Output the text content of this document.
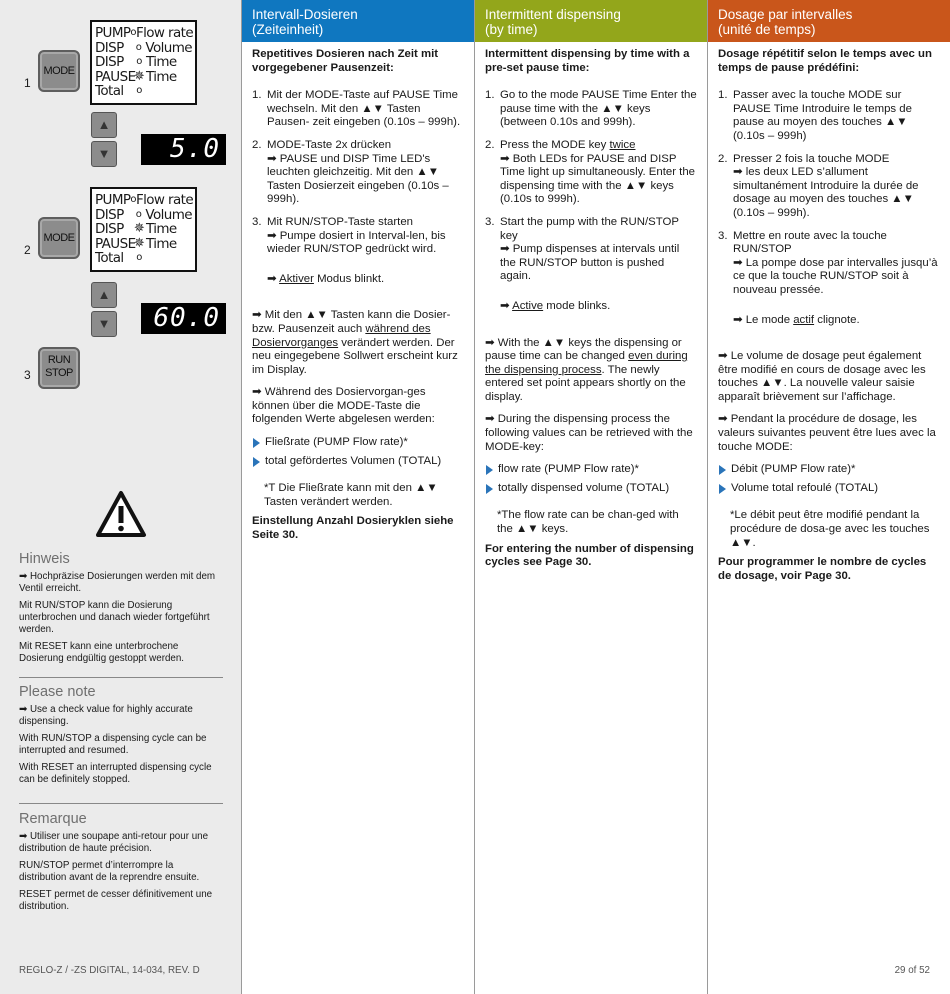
PUMP o Flow rate
DISP	o Volume
DISP	o Time
PAUSE
✵ Time
Total	o
1
MODE
▲
▼	5.0
PUMP o Flow rate
DISP	o Volume
DISP ✵ Time
PAUSE
✵ Time
Total	o
2
MODE
▲
▼	60.0
3
RUN
STOP
Hinweis

➡ Hochpräzise Dosierungen werden mit dem Ventil erreicht.

Mit RUN/STOP kann die Dosierung unterbrochen und danach wieder fortgeführt werden.

Mit RESET kann eine unterbrochene Dosierung endgültig gestoppt werden.

Please note

➡ Use a check value for highly accurate dispensing.

With RUN/STOP a dispensing cycle can be interrupted and resumed.

With RESET an interrupted dispensing cycle can be definitely stopped.

Remarque

➡ Utiliser une soupape anti-retour pour une distribution de haute précision.

RUN/STOP permet d’interrompre la distribution avant de la reprendre ensuite.

RESET permet de cesser définitivement une distribution.

REGLO-Z / -ZS DIGITAL, 14-034, REV. D
Intervall-Dosieren
(Zeiteinheit)
Repetitives Dosieren nach Zeit mit vorgegebener Pausenzeit:
1. Mit der MODE-Taste auf PAUSE Time wechseln. Mit den ▲▼ Tasten Pausen- zeit eingeben (0.10s – 999h).
2. MODE-Taste 2x drücken
➡ PAUSE und DISP Time LED's leuchten gleichzeitig. Mit den ▲▼ Tasten Dosierzeit eingeben (0.10s – 999h).
3. Mit RUN/STOP-Taste starten
➡ Pumpe dosiert in Interval-len, bis wieder RUN/STOP gedrückt wird.
➡ Aktiver Modus blinkt.
➡ Mit den ▲▼ Tasten kann die Dosier- bzw. Pausenzeit auch während des Dosiervorganges verändert werden. Der neu eingegebene Sollwert erscheint kurz im Display.
➡ Während des Dosiervorgan-ges können über die MODE-Taste die folgenden Werte abgelesen werden:
Fließrate (PUMP Flow rate)*
total gefördertes Volumen (TOTAL)
*T Die Fließrate kann mit den ▲▼ Tasten verändert werden.
Einstellung Anzahl Dosieryklen siehe Seite 30.
Intermittent dispensing
(by time)
Intermittent dispensing by time with a pre-set pause time:
1. Go to the mode PAUSE Time Enter the pause time with the ▲▼ keys (between 0.10s and 999h).
2. Press the MODE key twice
➡ Both LEDs for PAUSE and DISP Time light up simultaneously. Enter the dispensing time with the ▲▼ keys (0.10s to 999h).
3. Start the pump with the RUN/STOP key
➡ Pump dispenses at intervals until the RUN/STOP button is pushed again.
➡ Active mode blinks.
➡ With the ▲▼ keys the dispensing or pause time can be changed even during the dispensing process. The newly entered set point appears shortly on the display.
➡ During the dispensing process the following values can be retrieved with the MODE-key:
flow rate (PUMP Flow rate)*
totally dispensed volume (TOTAL)
*The flow rate can be chan-ged with the ▲▼ keys.
For entering the number of dispensing cycles see Page 30.
Dosage par intervalles
(unité de temps)
Dosage répétitif selon le temps avec un temps de pause prédéfini:
1. Passer avec la touche MODE sur PAUSE Time Introduire le temps de pause au moyen des touches ▲▼ (0.10s – 999h)
2. Presser 2 fois la touche MODE
➡ les deux LED s’allument simultanément Introduire la durée de dosage au moyen des touches ▲▼ (0.10s – 999h).
3. Mettre en route avec la touche RUN/STOP
➡ La pompe dose par intervalles jusqu’à ce que la touche RUN/STOP soit à nouveau pressée.
➡ Le mode actif clignote.
➡ Le volume de dosage peut également être modifié en cours de dosage avec les touches ▲▼. La nouvelle valeur saisie apparaît brièvement sur l’affichage.
➡ Pendant la procédure de dosage, les valeurs suivantes peuvent être lues avec la touche MODE:
Débit (PUMP Flow rate)*
Volume total refoulé (TOTAL)
*Le débit peut être modifié pendant la procédure de dosa-ge avec les touches ▲▼.
Pour programmer le nombre de cycles de dosage, voir Page 30.
29 of 52
